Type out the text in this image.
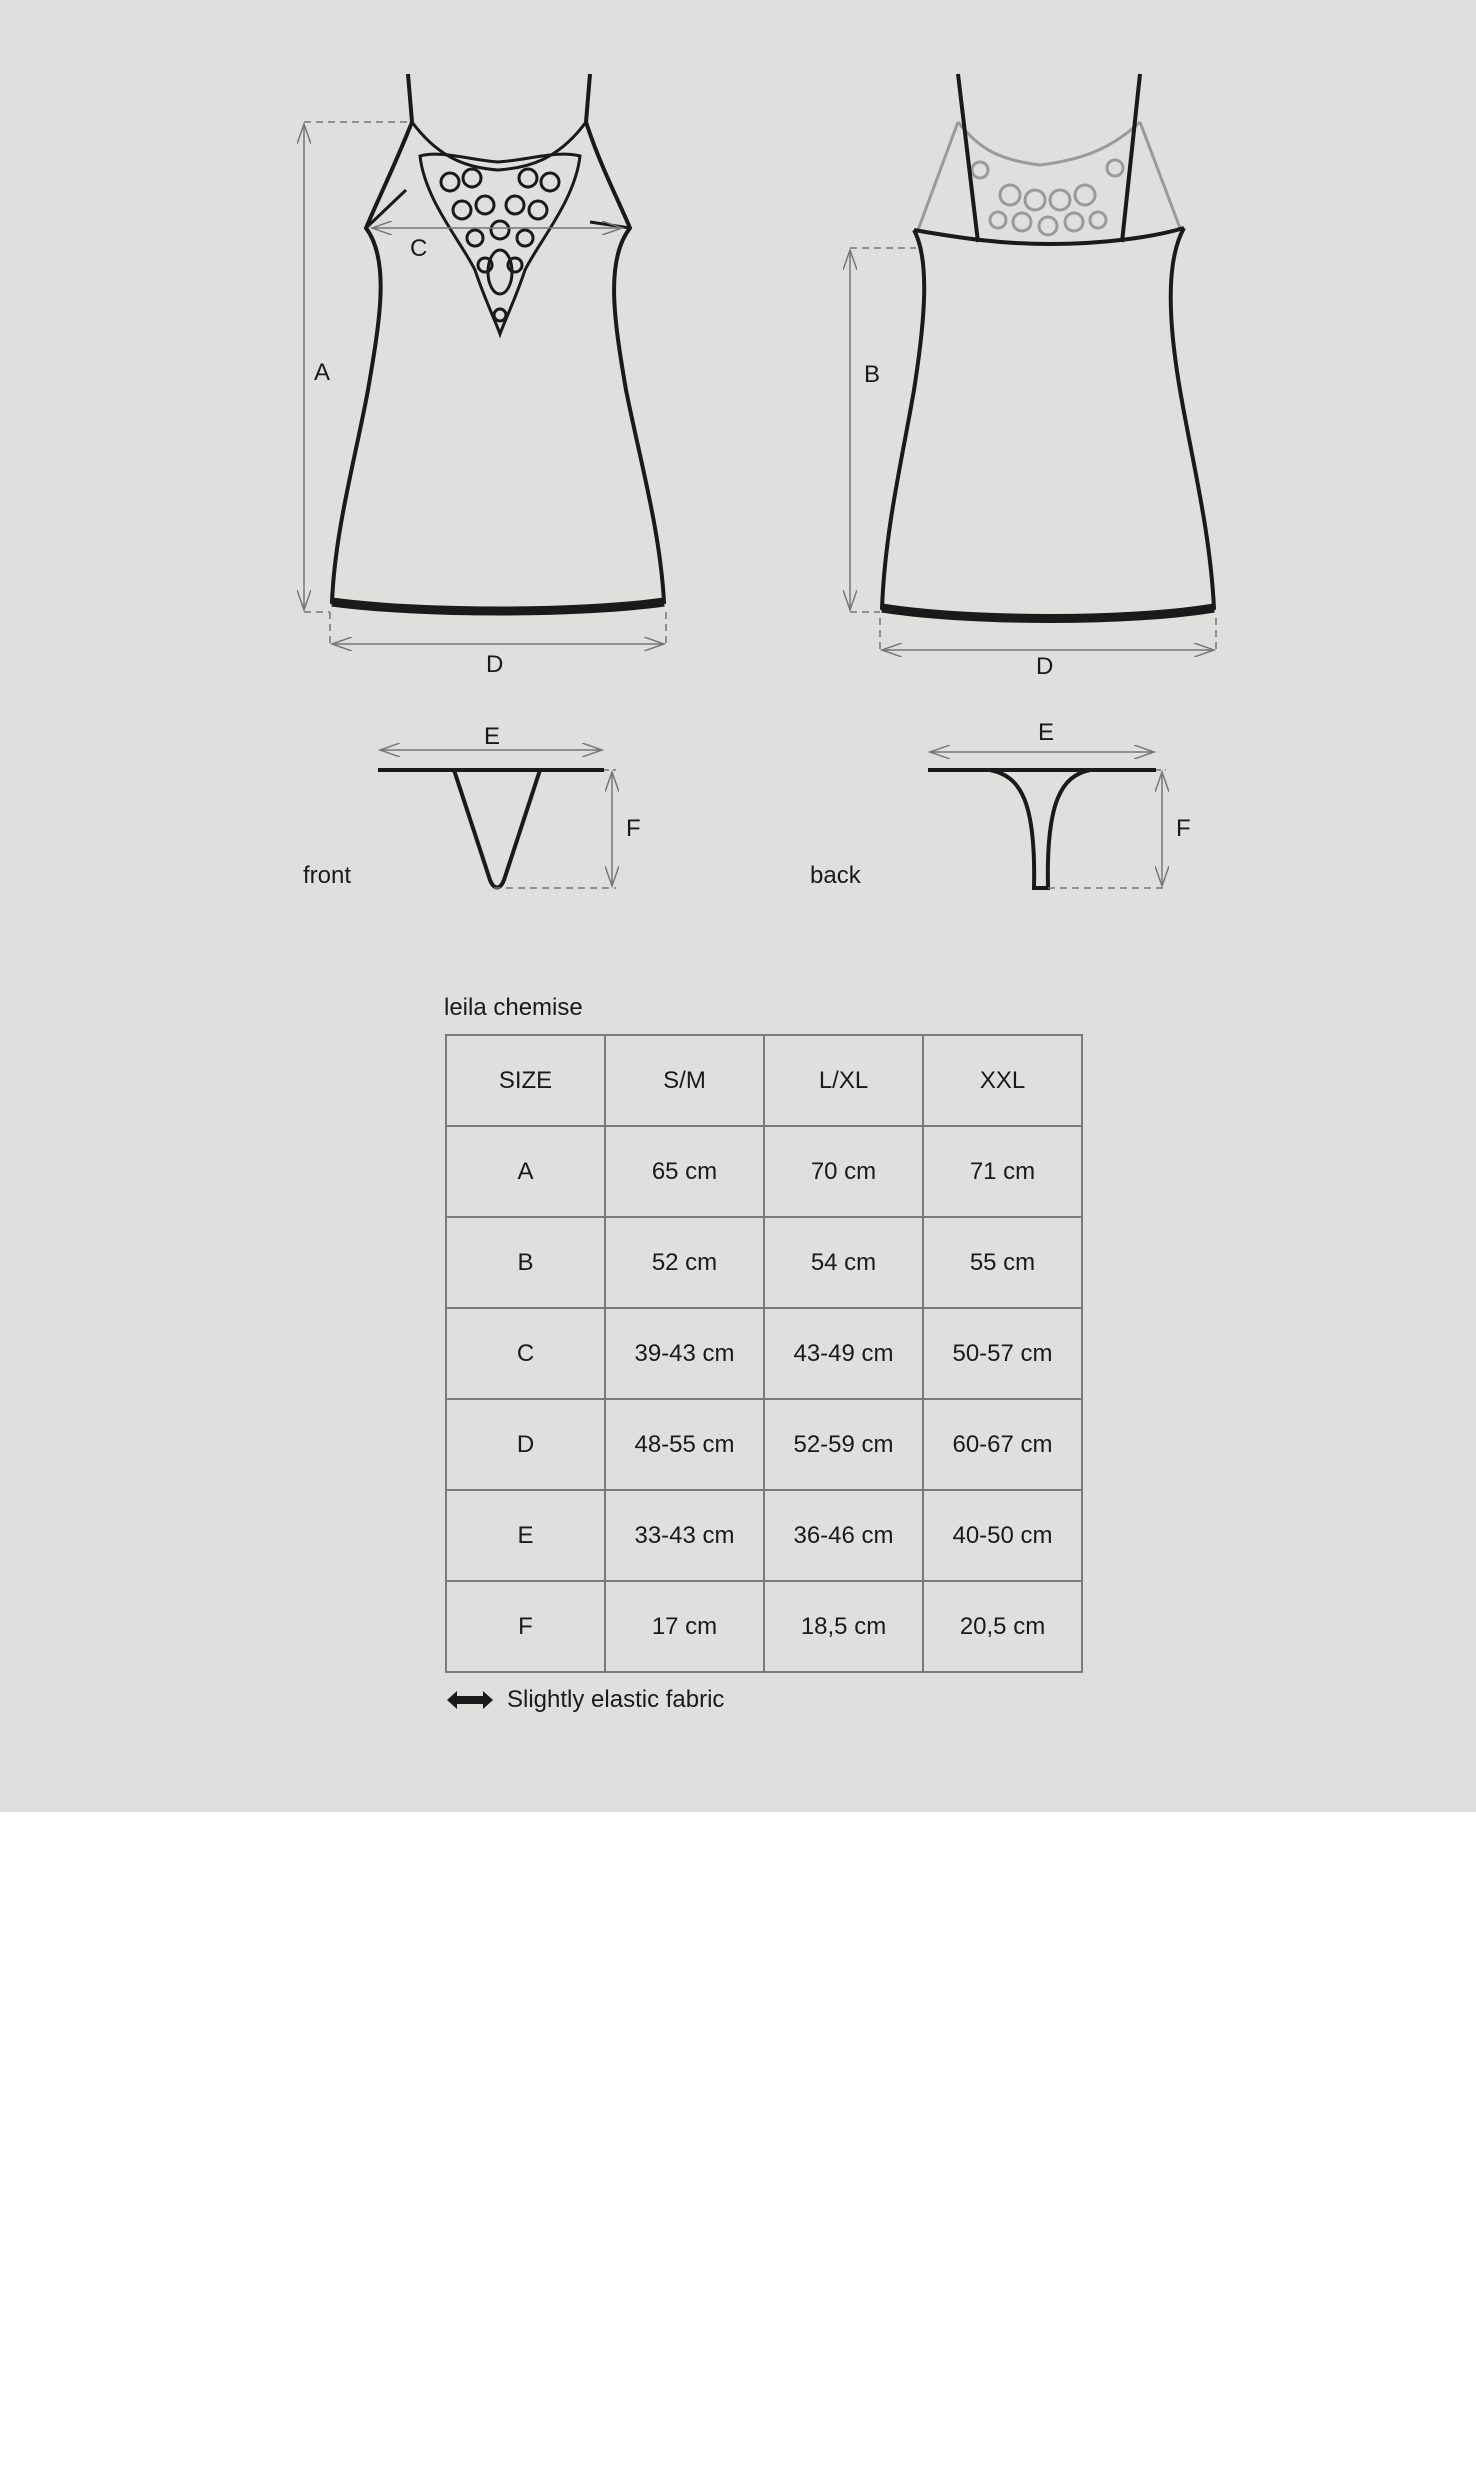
A
C
D
B
D
E
F
E
F
front	back
leila chemise
SIZE	S/M	L/XL	XXL
A	65 cm	70 cm	71 cm
B	52 cm	54 cm	55 cm
C	39-43 cm	43-49 cm	50-57 cm
D	48-55 cm	52-59 cm	60-67 cm
E	33-43 cm	36-46 cm	40-50 cm
F	17 cm	18,5 cm	20,5 cm
Slightly elastic fabric
